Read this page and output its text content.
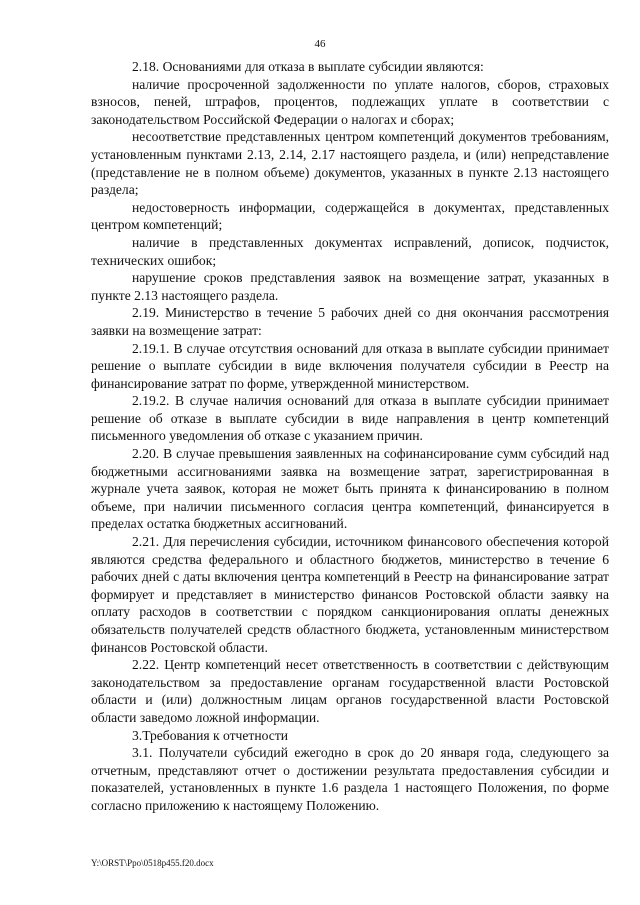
46

2.18. Основаниями для отказа в выплате субсидии являются:

наличие просроченной задолженности по уплате налогов, сборов, страховых взносов, пеней, штрафов, процентов, подлежащих уплате в соответствии с законодательством Российской Федерации о налогах и сборах;

несоответствие представленных центром компетенций документов требованиям, установленным пунктами 2.13, 2.14, 2.17 настоящего раздела, и (или) непредставление (представление не в полном объеме) документов, указанных в пункте 2.13 настоящего раздела;

недостоверность информации, содержащейся в документах, представленных центром компетенций;

наличие в представленных документах исправлений, дописок, подчисток, технических ошибок;

нарушение сроков представления заявок на возмещение затрат, указанных в пункте 2.13 настоящего раздела.

2.19. Министерство в течение 5 рабочих дней со дня окончания рассмотрения заявки на возмещение затрат:

2.19.1. В случае отсутствия оснований для отказа в выплате субсидии принимает решение о выплате субсидии в виде включения получателя субсидии в Реестр на финансирование затрат по форме, утвержденной министерством.

2.19.2. В случае наличия оснований для отказа в выплате субсидии принимает решение об отказе в выплате субсидии в виде направления в центр компетенций письменного уведомления об отказе с указанием причин.

2.20. В случае превышения заявленных на софинансирование сумм субсидий над бюджетными ассигнованиями заявка на возмещение затрат, зарегистрированная в журнале учета заявок, которая не может быть принята к финансированию в полном объеме, при наличии письменного согласия центра компетенций, финансируется в пределах остатка бюджетных ассигнований.

2.21. Для перечисления субсидии, источником финансового обеспечения которой являются средства федерального и областного бюджетов, министерство в течение 6 рабочих дней с даты включения центра компетенций в Реестр на финансирование затрат формирует и представляет в министерство финансов Ростовской области заявку на оплату расходов в соответствии с порядком санкционирования оплаты денежных обязательств получателей средств областного бюджета, установленным министерством финансов Ростовской области.

2.22. Центр компетенций несет ответственность в соответствии с действующим законодательством за предоставление органам государственной власти Ростовской области и (или) должностным лицам органов государственной власти Ростовской области заведомо ложной информации.

3.Требования к отчетности

3.1. Получатели субсидий ежегодно в срок до 20 января года, следующего за отчетным, представляют отчет о достижении результата предоставления субсидии и показателей, установленных в пункте 1.6 раздела 1 настоящего Положения, по форме согласно приложению к настоящему Положению.

Y:\ORST\Ppo\0518p455.f20.docx
